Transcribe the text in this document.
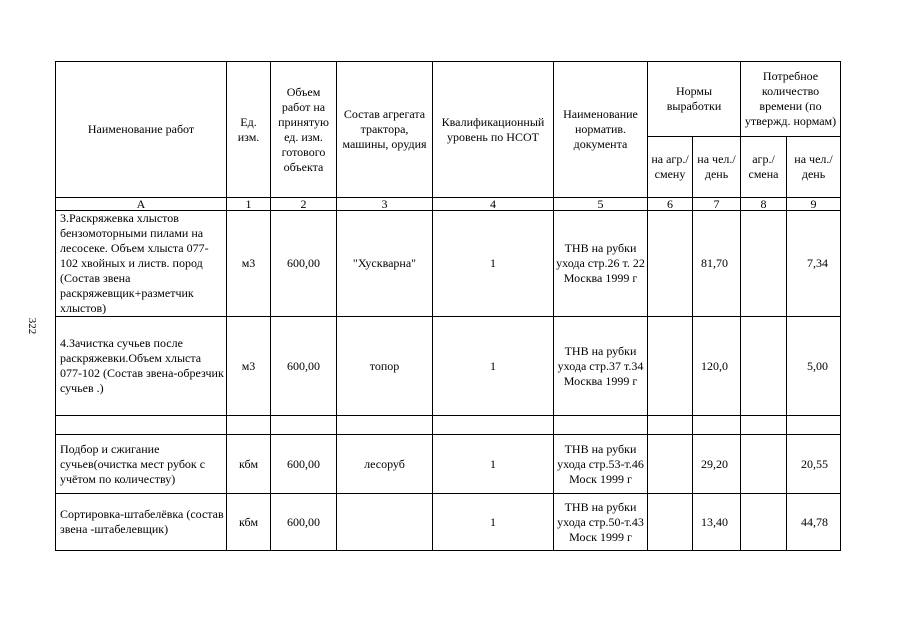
322
Наименование работ	Ед. изм.	Объем работ на принятую ед. изм. готового объекта	Состав агрегата трактора, машины, орудия	Квалификационный уровень по НСОТ	Наименование норматив. документа	Нормы выработки		Потребное количество времени (по утвержд. нормам)	
						на агр./ смену	на чел./ день	агр./ смена	на чел./ день
А	1	2	3	4	5	6	7	8	9
3.Раскряжевка хлыстов бензомоторными пилами на лесосеке. Объем хлыста 077-102 хвойных и листв. пород (Состав звена раскряжевщик+разметчик хлыстов)	м3	600,00	"Хускварна"	1	ТНВ на рубки ухода стр.26 т. 22 Москва 1999 г		81,70		7,34
4.Зачистка сучьев после раскряжевки.Объем хлыста 077-102 (Состав звена-обрезчик сучьев .)	м3	600,00	топор	1	ТНВ на рубки ухода стр.37 т.34 Москва 1999 г		120,0		5,00

Подбор и сжигание сучьев(очистка мест рубок с учётом по количеству)	кбм	600,00	лесоруб	1	ТНВ на рубки ухода стр.53-т.46 Моск 1999 г		29,20		20,55
Сортировка-штабелёвка (состав звена -штабелевщик)	кбм	600,00		1	ТНВ на рубки ухода стр.50-т.43 Моск 1999 г		13,40		44,78
